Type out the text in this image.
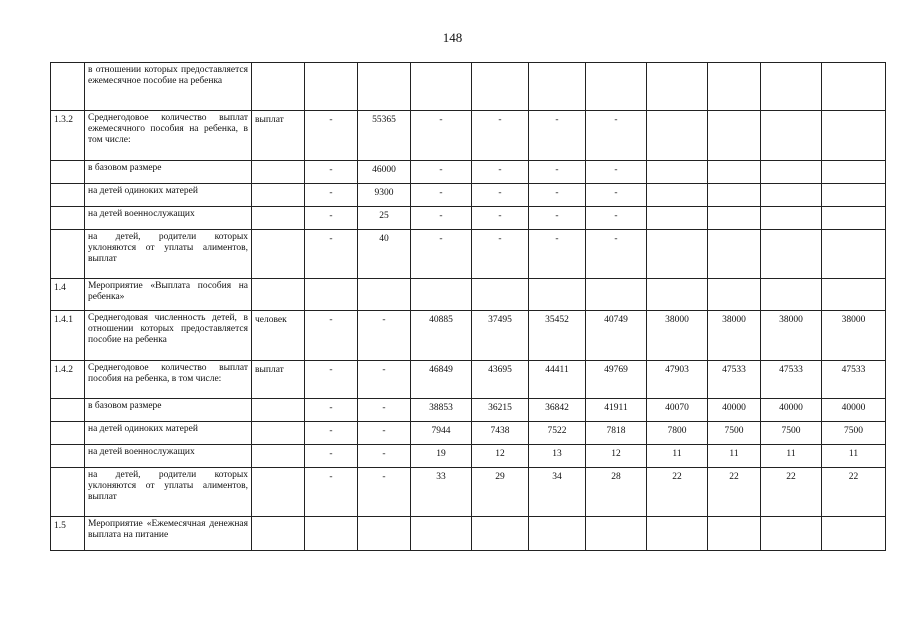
148
	в отношении которых предоставляется ежемесячное пособие на ребенка											
1.3.2	Среднегодовое количество выплат ежемесячного пособия на ребенка, в том числе:	выплат	-	55365	-	-	-	-				
	в базовом размере		-	46000	-	-	-	-				
	на детей одиноких матерей		-	9300	-	-	-	-				
	на детей военнослужащих		-	25	-	-	-	-				
	на детей, родители которых уклоняются от уплаты алиментов, выплат		-	40	-	-	-	-				
1.4	Мероприятие «Выплата пособия на ребенка»											
1.4.1	Среднегодовая численность детей, в отношении которых предоставляется пособие на ребенка	человек	-	-	40885	37495	35452	40749	38000	38000	38000	38000
1.4.2	Среднегодовое количество выплат пособия на ребенка, в том числе:	выплат	-	-	46849	43695	44411	49769	47903	47533	47533	47533
	в базовом размере		-	-	38853	36215	36842	41911	40070	40000	40000	40000
	на детей одиноких матерей		-	-	7944	7438	7522	7818	7800	7500	7500	7500
	на детей военнослужащих		-	-	19	12	13	12	11	11	11	11
	на детей, родители которых уклоняются от уплаты алиментов, выплат		-	-	33	29	34	28	22	22	22	22
1.5	Мероприятие «Ежемесячная денежная выплата на питание											
